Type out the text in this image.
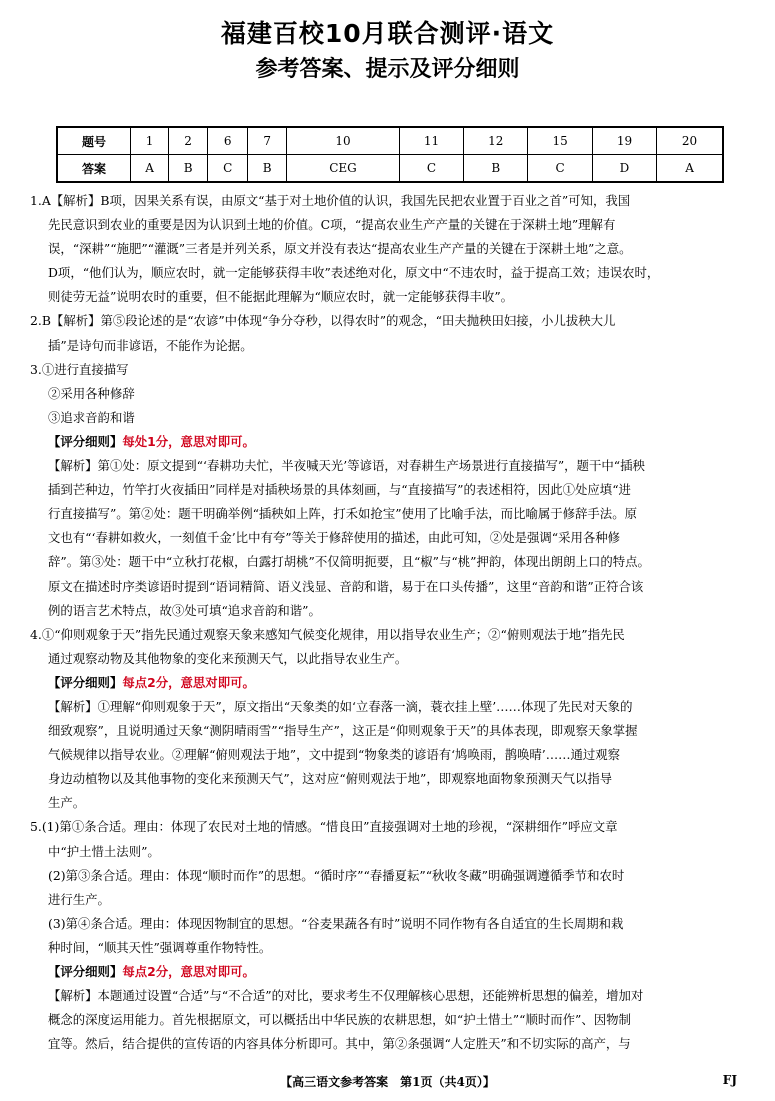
福建百校10月联合测评·语文
参考答案、提示及评分细则
题号	1	2	6	7	10	11	12	15	19	20
答案	A	B	C	B	CEG	C	B	C	D	A

1.A【解析】B项，因果关系有误，由原文“基于对土地价值的认识，我国先民把农业置于百业之首”可知，我国

先民意识到农业的重要是因为认识到土地的价值。C项，“提高农业生产产量的关键在于深耕土地”理解有

误，“深耕”“施肥”“灌溉”三者是并列关系，原文并没有表达“提高农业生产产量的关键在于深耕土地”之意。

D项，“他们认为，顺应农时，就一定能够获得丰收”表述绝对化，原文中“不违农时，益于提高工效；违误农时，

则徒劳无益”说明农时的重要，但不能据此理解为“顺应农时，就一定能够获得丰收”。

2.B【解析】第⑤段论述的是“农谚”中体现“争分夺秒，以得农时”的观念，“田夫抛秧田妇接，小儿拔秧大儿

插”是诗句而非谚语，不能作为论据。

3.①进行直接描写

②采用各种修辞

③追求音韵和谐

【评分细则】每处1分，意思对即可。

【解析】第①处：原文提到“‘春耕功夫忙，半夜喊天光’等谚语，对春耕生产场景进行直接描写”，题干中“插秧

插到芒种边，竹竿打火夜插田”同样是对插秧场景的具体刻画，与“直接描写”的表述相符，因此①处应填“进

行直接描写”。第②处：题干明确举例“插秧如上阵，打禾如抢宝”使用了比喻手法，而比喻属于修辞手法。原

文也有“‘春耕如救火，一刻值千金’比中有夸”等关于修辞使用的描述，由此可知，②处是强调“采用各种修

辞”。第③处：题干中“立秋打花椒，白露打胡桃”不仅简明扼要，且“椒”与“桃”押韵，体现出朗朗上口的特点。

原文在描述时序类谚语时提到“语词精简、语义浅显、音韵和谐，易于在口头传播”，这里“音韵和谐”正符合该

例的语言艺术特点，故③处可填“追求音韵和谐”。

4.①“仰则观象于天”指先民通过观察天象来感知气候变化规律，用以指导农业生产；②“俯则观法于地”指先民

通过观察动物及其他物象的变化来预测天气，以此指导农业生产。

【评分细则】每点2分，意思对即可。

【解析】①理解“仰则观象于天”，原文指出“天象类的如‘立春落一滴，蓑衣挂上壁’……体现了先民对天象的

细致观察”，且说明通过天象“测阴晴雨雪”“指导生产”，这正是“仰则观象于天”的具体表现，即观察天象掌握

气候规律以指导农业。②理解“俯则观法于地”，文中提到“物象类的谚语有‘鸠唤雨，鹊唤晴’……通过观察

身边动植物以及其他事物的变化来预测天气”，这对应“俯则观法于地”，即观察地面物象预测天气以指导

生产。

5.(1)第①条合适。理由：体现了农民对土地的情感。“惜良田”直接强调对土地的珍视，“深耕细作”呼应文章

中“护土惜土法则”。

(2)第③条合适。理由：体现“顺时而作”的思想。“循时序”“春播夏耘”“秋收冬藏”明确强调遵循季节和农时

进行生产。

(3)第④条合适。理由：体现因物制宜的思想。“谷麦果蔬各有时”说明不同作物有各自适宜的生长周期和栽

种时间，“顺其天性”强调尊重作物特性。

【评分细则】每点2分，意思对即可。

【解析】本题通过设置“合适”与“不合适”的对比，要求考生不仅理解核心思想，还能辨析思想的偏差，增加对

概念的深度运用能力。首先根据原文，可以概括出中华民族的农耕思想，如“护土惜土”“顺时而作”、因物制

宜等。然后，结合提供的宣传语的内容具体分析即可。其中，第②条强调“人定胜天”和不切实际的高产，与

【高三语文参考答案　第1页（共4页）】	FJ
